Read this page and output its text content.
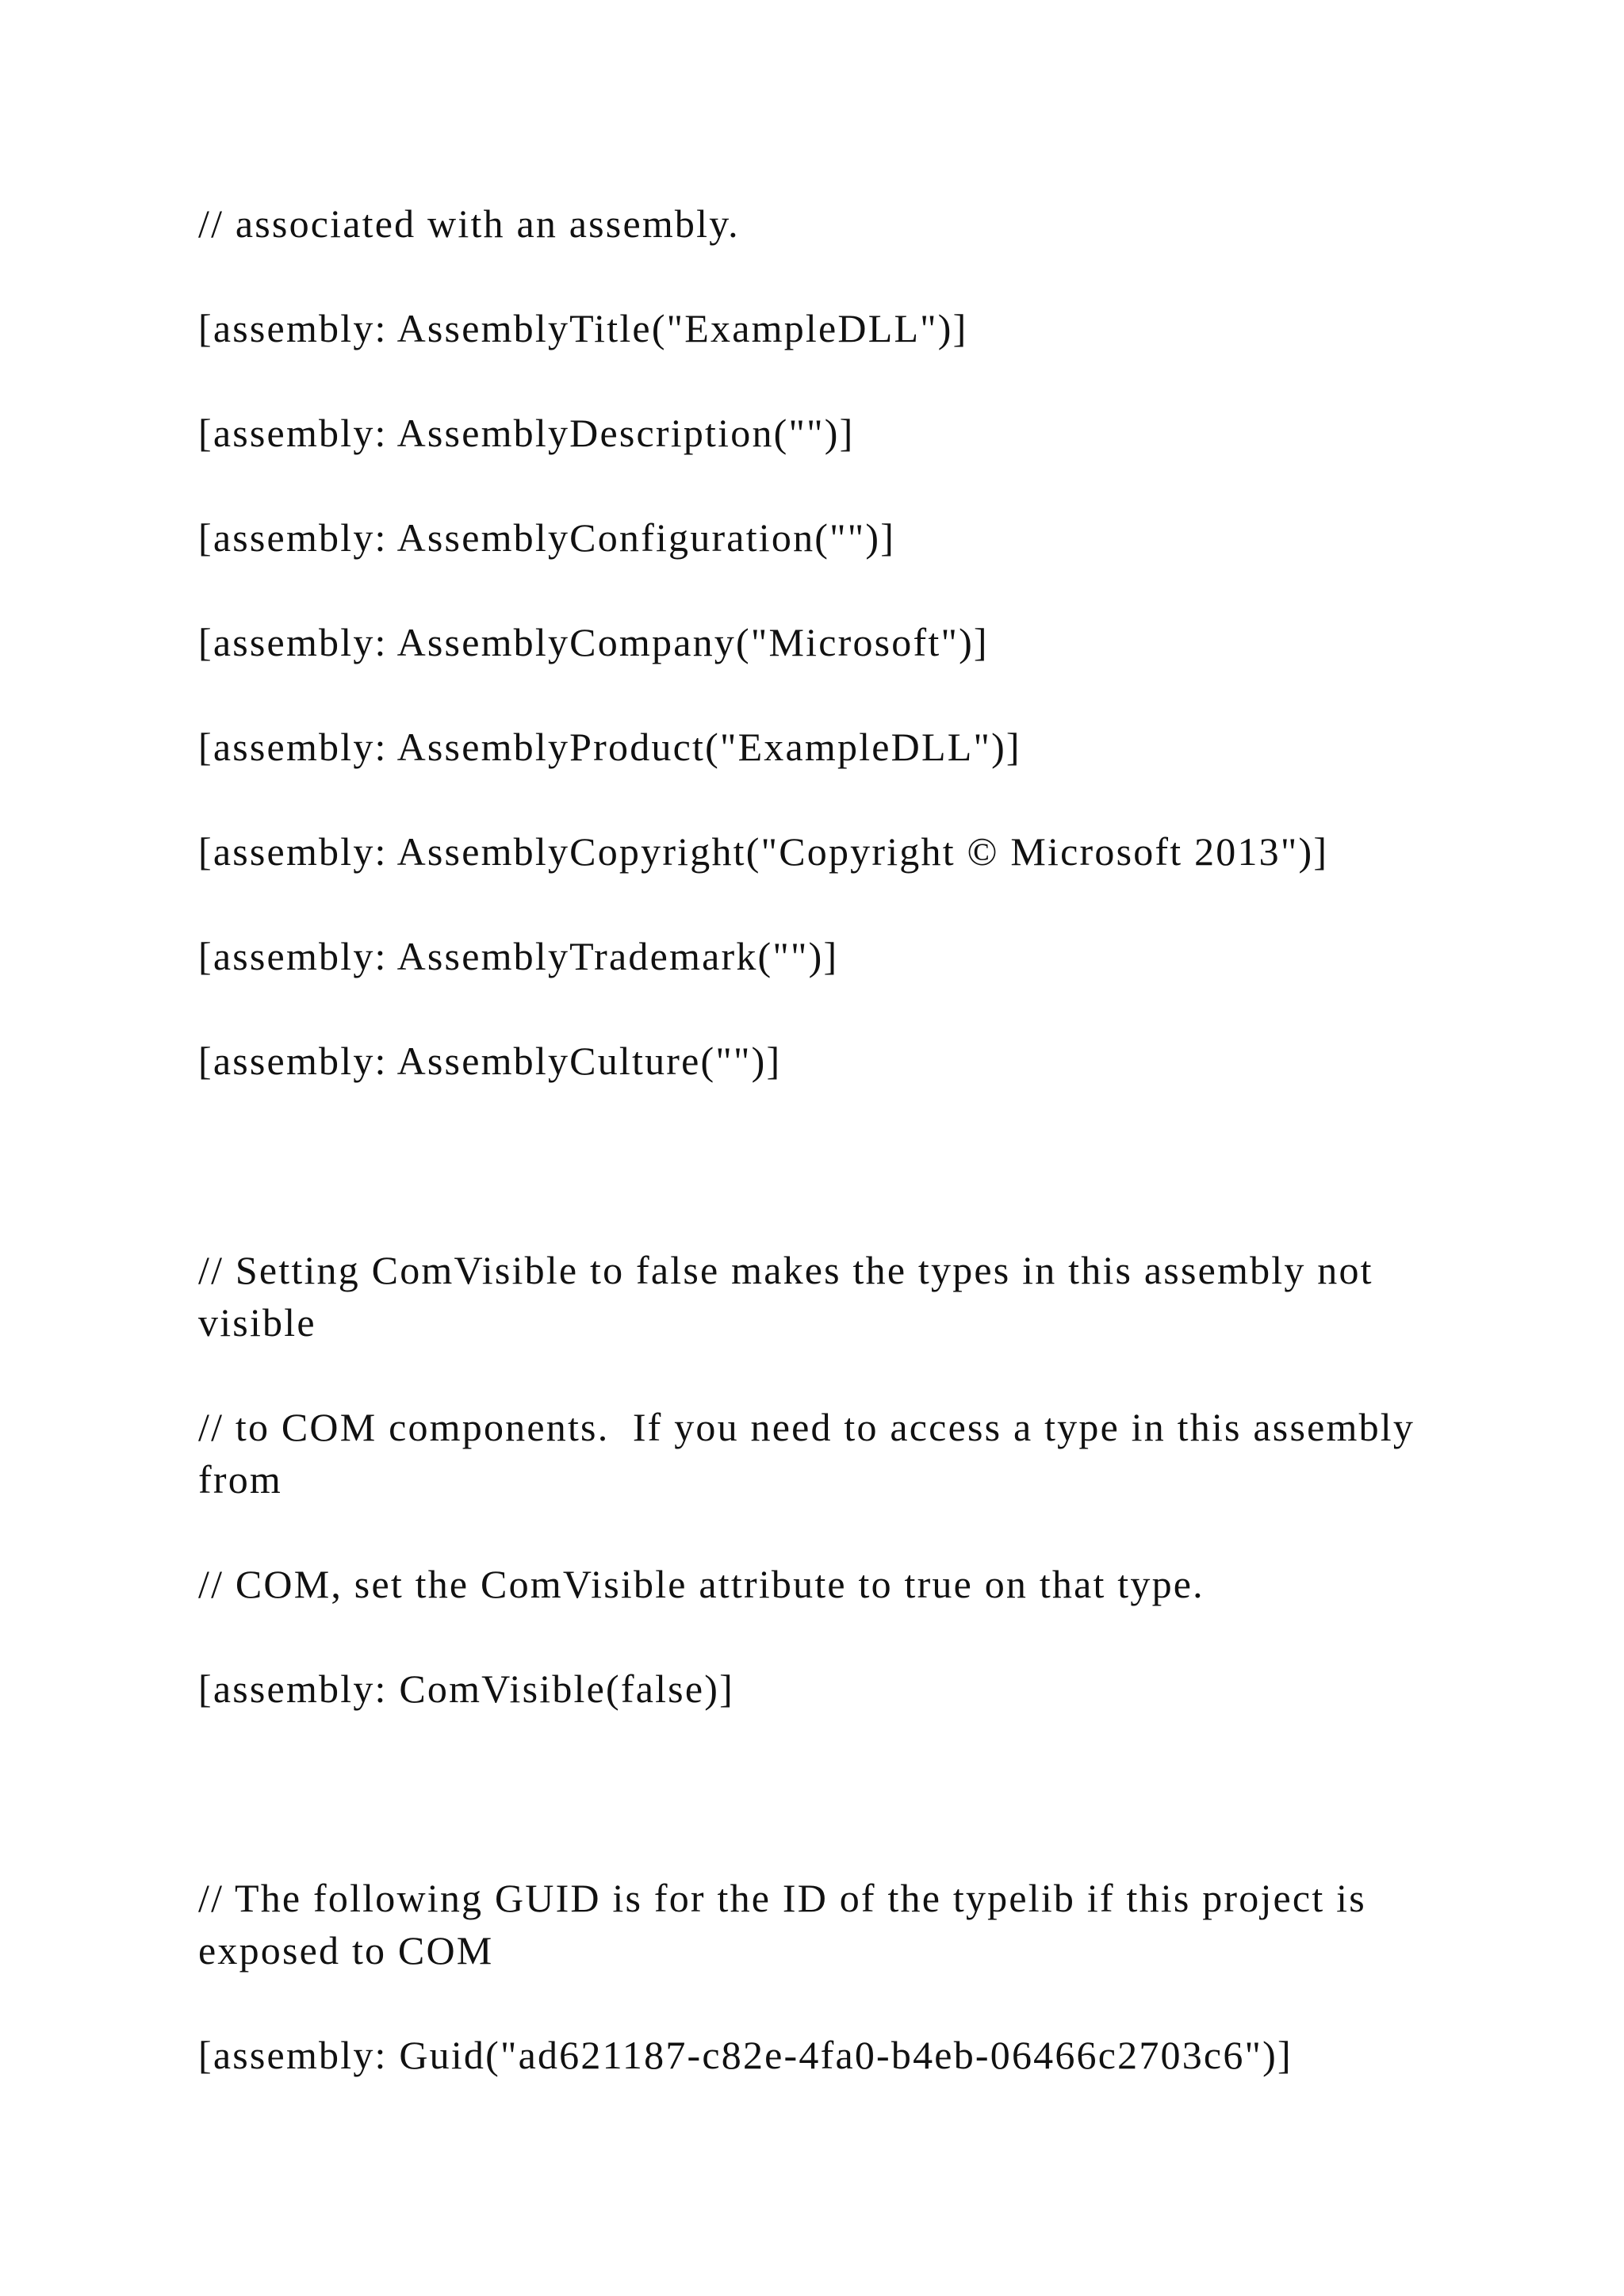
// associated with an assembly.

[assembly: AssemblyTitle("ExampleDLL")]

[assembly: AssemblyDescription("")]

[assembly: AssemblyConfiguration("")]

[assembly: AssemblyCompany("Microsoft")]

[assembly: AssemblyProduct("ExampleDLL")]

[assembly: AssemblyCopyright("Copyright © Microsoft 2013")]

[assembly: AssemblyTrademark("")]

[assembly: AssemblyCulture("")]

// Setting ComVisible to false makes the types in this assembly not visible

// to COM components.  If you need to access a type in this assembly from

// COM, set the ComVisible attribute to true on that type.

[assembly: ComVisible(false)]

// The following GUID is for the ID of the typelib if this project is exposed to COM

[assembly: Guid("ad621187-c82e-4fa0-b4eb-06466c2703c6")]
